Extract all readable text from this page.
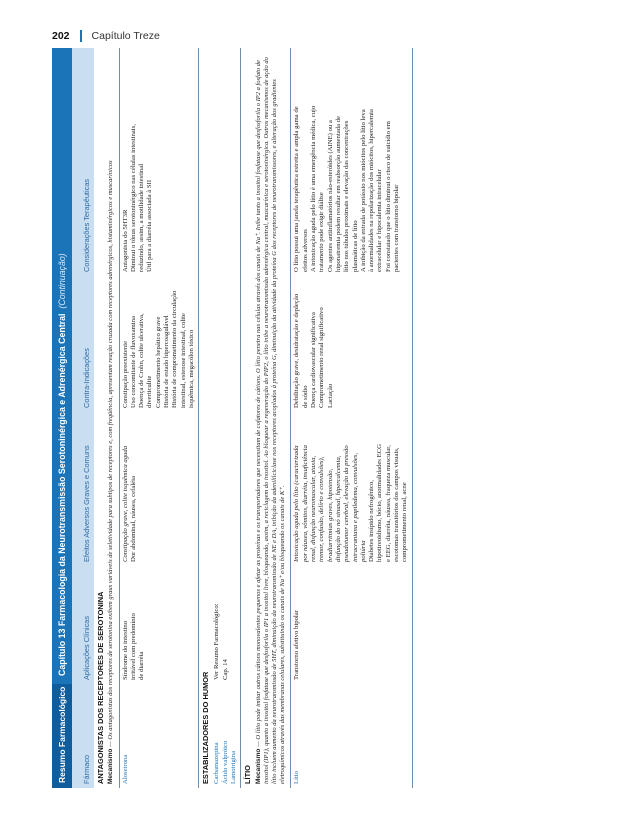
202 Capítulo Treze
Resumo Farmacológico
Capítulo 13 Farmacologia da Neurotransmissão Serotoninérgica e Adrenérgica Central
(Continuação)
Fármaco
Aplicações Clínicas
Efeitos Adversos Graves e Comuns
Contra-Indicações
Considerações Terapêuticas
ANTAGONISTAS DOS RECEPTORES DE SEROTONINA Mecanismo — Os antagonistas dos receptores de serotonina exibem graus variáveis de seletividade para subtipos de receptores e, com freqüência, apresentam reação cruzada com receptores adrenérgicos, histaminérgicos e muscarínicos
Alosetrona
Síndrome do intestino irritável com predomínio de diarréia
Constipação grave, colite isquêmica aguda Dor abdominal, náusea, cefaléia
Constipação preexistente Uso concomitante de fluvoxamina Doença de Crohn, colite ulcerativa, diverticulite Comprometimento hepático grave História de estado hipercoagulável História de comprometimento da circulação intestinal, estenose intestinal, colite isquêmica, megacólon tóxico
Antagonista do 5HT3R Diminui o tônus serotoninérgico nas células intestinais, reduzindo, assim, a motilidade intestinal Útil para a diarréia associada à SII
ESTABILIZADORES DO HUMOR Carbamazepina Ácido valpróico Lamotrigina
Ver Resumo Farmacológico: Cap. 14
LÍTIO Mecanismo — O lítio pode imitar outros cátions monovalentes pequenos e afetar as proteínas e os transportadores que necessitam de cofatores de cátions. O lítio penetra nas células através dos canais de Na⁺. Inibe tanto a inositol fosfatase que desfosforila o IP2 a fosfato de inositol (IP1), quanto a inositol fosfatase que desfosforila o IP1 a inositol livre, bloqueando, assim, a reciclagem do inositol. Ao bloquear a regeneração do PIP2, o lítio inibe a neurotransmissão adrenérgica central, muscarínica e serotoninérgica. Outros mecanismos de ação do lítio incluem aumento da neurotransmissão de 5HT, diminuição da neurotransmissão de NE e DA, inibição da adenililciclase nos receptores acoplados à proteína G, diminuição da atividade da proteína G dos receptores de neurotransmissores, e alteração dos gradientes eletroquímicos através das membranas celulares, substituindo os canais de Na⁺ e/ou bloqueando os canais de K⁺.	Lítio
Transtorno afetivo bipolar
Intoxicação aguda pelo lítio (caracterizada por náusea, vômitos, diarréia, insuficiência renal, disfunção neuromuscular, ataxia, tremor, confusão, delírio e convulsões), bradiarritmias graves, hipotensão, disfunção do nó sinusal, hipercalcemia, pseudotumor cerebral, elevação da pressão intracraniana e papiledema, convulsões, poliúria Diabetes insípido nefrogênico, hipotireoidismo, bócio, anormalidades ECG e EEG, diarréia, náusea, fraqueza muscular, escotomas transitórios dos campos visuais, comprometimento renal, acne
Debilitação grave, desidratação e depleção de sódio Doença cardiovascular significativa Comprometimento renal significativo Lactação
O lítio possui uma janela terapêutica estreita e ampla gama de efeitos adversos A intoxicação aguda pelo lítio é uma emergência médica, cujo tratamento pode exigir diálise Os agentes antiinflamatórios não-esteróides (AINE) ou a hiponatremia podem resultar em reabsorção aumentada de lítio nos túbulos proximais e elevação das concentrações plasmáticas de lítio A inibição da entrada de potássio nos miócitos pelo lítio leva à anormalidades na repolarização dos miócitos, hipercalemia extracelular e hipocalemia intracelular Foi constatado que o lítio diminui o risco de suicídio em pacientes com transtorno bipolar
